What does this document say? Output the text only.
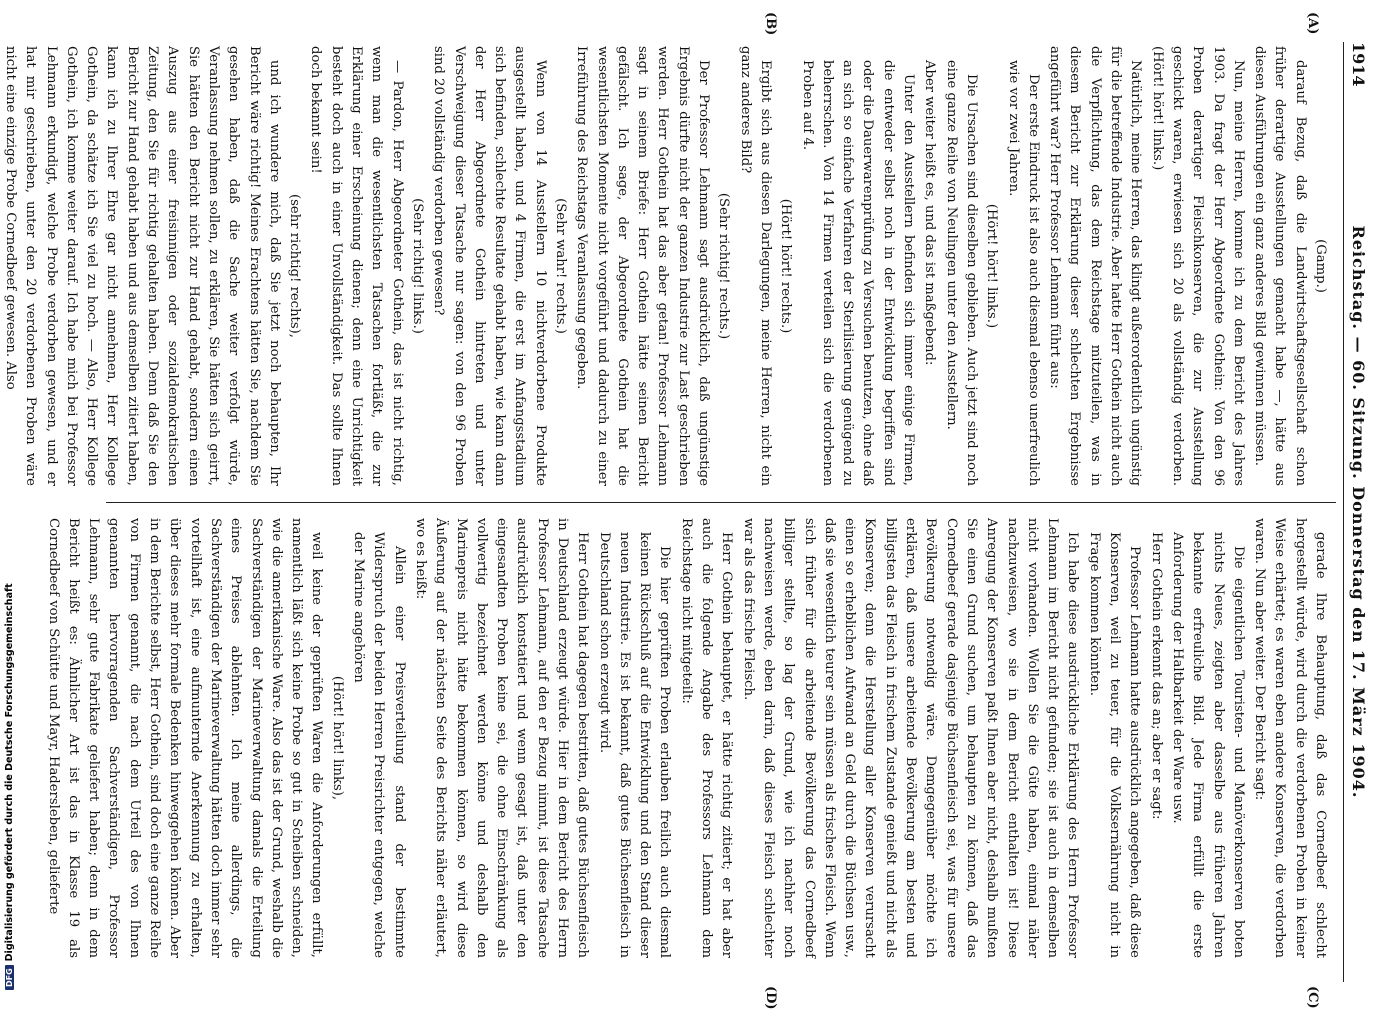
1914
Reichstag. — 60. Sitzung. Donnerstag den 17. März 1904.
(A)
(B)
(C)
(D)

(Gamp.)

darauf Bezug, daß die Landwirtschaftsgesellschaft schon früher derartige Ausstellungen gemacht habe —, hätte aus diesen Ausführungen ein ganz anderes Bild gewinnen müssen.

Nun, meine Herren, komme ich zu dem Bericht des Jahres 1903. Da fragt der Herr Abgeordnete Gothein: Von den 96 Proben derartiger Fleischkonserven, die zur Ausstellung geschickt waren, erwiesen sich 20 als vollständig verdorben. (Hört! hört! links.)

Natürlich, meine Herren, das klingt außerordentlich ungünstig für die betreffende Industrie. Aber hatte Herr Gothein nicht auch die Verpflichtung, das dem Reichstage mitzuteilen, was in diesem Bericht zur Erklärung dieser schlechten Ergebnisse angeführt war? Herr Professor Lehmann führt aus:

Der erste Eindruck ist also auch diesmal ebenso unerfreulich wie vor zwei Jahren.

(Hört! hört! links.)

Die Ursachen sind dieselben geblieben. Auch jetzt sind noch eine ganze Reihe von Neulingen unter den Ausstellern.

Aber weiter heißt es, und das ist maßgebend:

Unter den Ausstellern befinden sich immer einige Firmen, die entweder selbst noch in der Entwicklung begriffen sind oder die Dauerwarenprüfung zu Versuchen benutzen, ohne daß an sich so einfache Verfahren der Sterilisierung genügend zu beherrschen. Von 14 Firmen verteilen sich die verdorbenen Proben auf 4.

(Hört! hört! rechts.)

Ergibt sich aus diesen Darlegungen, meine Herren, nicht ein ganz anderes Bild?

(Sehr richtig! rechts.)

Der Professor Lehmann sagt ausdrücklich, daß ungünstige Ergebnis dürfte nicht der ganzen Industrie zur Last geschrieben werden. Herr Gothein hat das aber getan! Professor Lehmann sagt in seinem Briefe: Herr Gothein hätte seinen Bericht gefälscht. Ich sage, der Abgeordnete Gothein hat die wesentlichsten Momente nicht vorgeführt und dadurch zu einer Irreführung des Reichstags Veranlassung gegeben.

(Sehr wahr! rechts.)

Wenn von 14 Ausstellern 10 nichtverdorbene Produkte ausgestellt haben, und 4 Firmen, die erst im Anfangsstadium sich befinden, schlechte Resultate gehabt haben, wie kann dann der Herr Abgeordnete Gothein hintreten und unter Verschweigung dieser Tatsache nur sagen: von den 96 Proben sind 20 vollständig verdorben gewesen?

(Sehr richtig! links.)

— Pardon, Herr Abgeordneter Gothein, das ist nicht richtig, wenn man die wesentlichsten Tatsachen fortläßt, die zur Erklärung einer Erscheinung dienen; denn eine Unrichtigkeit besteht doch auch in einer Unvollständigkeit. Das sollte Ihnen doch bekannt sein!

(sehr richtig! rechts),

und ich wundere mich, daß Sie jetzt noch behaupten, Ihr Bericht wäre richtig! Meines Erachtens hätten Sie, nachdem Sie gesehen haben, daß die Sache weiter verfolgt würde, Veranlassung nehmen sollen, zu erklären, Sie hätten sich geirrt, Sie hätten den Bericht nicht zur Hand gehabt, sondern einen Auszug aus einer freisinnigen oder sozialdemokratischen Zeitung, den Sie für richtig gehalten haben. Denn daß Sie den Bericht zur Hand gehabt haben und aus demselben zitiert haben, kann ich zu Ihrer Ehre gar nicht annehmen, Herr Kollege Gothein, da schätze ich Sie viel zu hoch. — Also, Herr Kollege Gothein, ich komme weiter darauf. Ich habe mich bei Professor Lehmann erkundigt, welche Probe verdorben gewesen, und er hat mir geschrieben, unter den 20 verdorbenen Proben wäre nicht eine einzige Probe Cornedbeef gewesen. Also

gerade Ihre Behauptung, daß das Cornedbeef schlecht hergestellt würde, wird durch die verdorbenen Proben in keiner Weise erhärtet; es waren eben andere Konserven, die verdorben waren. Nun aber weiter. Der Bericht sagt:

Die eigentlichen Touristen- und Manöverkonserven boten nichts Neues, zeigten aber dasselbe aus früheren Jahren bekannte erfreuliche Bild. Jede Firma erfüllt die erste Anforderung der Haltbarkeit der Ware usw.

Herr Gothein erkennt das an; aber er sagt:

Professor Lehmann hatte ausdrücklich angegeben, daß diese Konserven, weil zu teuer, für die Volksernährung nicht in Frage kommen könnten.

Ich habe diese ausdrückliche Erklärung des Herrn Professor Lehmann im Bericht nicht gefunden; sie ist auch in demselben nicht vorhanden. Wollen Sie die Güte haben, einmal näher nachzuweisen, wo sie in dem Bericht enthalten ist! Diese Anregung der Konserven paßt Ihnen aber nicht, deshalb mußten Sie einen Grund suchen, um behaupten zu können, daß das Cornedbeef gerade dasjenige Büchsenfleisch sei, was für unsere Bevölkerung notwendig wäre. Demgegenüber möchte ich erklären, daß unsere arbeitende Bevölkerung am besten und billigsten das Fleisch in frischem Zustande genießt und nicht als Konserven; denn die Herstellung aller Konserven verursacht einen so erheblichen Aufwand an Geld durch die Büchsen usw., daß sie wesentlich teurer sein müssen als frisches Fleisch. Wenn sich früher für die arbeitende Bevölkerung das Cornedbeef billiger stellte, so lag der Grund, wie ich nachher noch nachweisen werde, eben darin, daß dieses Fleisch schlechter war als das frische Fleisch.

Herr Gothein behauptet, er hätte richtig zitiert; er hat aber auch die folgende Angabe des Professors Lehmann dem Reichstage nicht mitgeteilt:

Die hier geprüften Proben erlauben freilich auch diesmal keinen Rückschluß auf die Entwicklung und den Stand dieser neuen Industrie. Es ist bekannt, daß gutes Büchsenfleisch in Deutschland schon erzeugt wird.

Herr Gothein hat dagegen bestritten, daß gutes Büchsenfleisch in Deutschland erzeugt würde. Hier in dem Bericht des Herrn Professor Lehmann, auf den er Bezug nimmt, ist diese Tatsache ausdrücklich konstatiert und wenn gesagt ist, daß unter den eingesandten Proben keine sei, die ohne Einschränkung als vollwertig bezeichnet werden könne und deshalb den Marinepreis nicht hätte bekommen können, so wird diese Äußerung auf der nächsten Seite des Berichts näher erläutert, wo es heißt:

Allein einer Preisverteilung stand der bestimmte Widerspruch der beiden Herren Preisrichter entgegen, welche der Marine angehören

(Hört! hört! links),

weil keine der geprüften Waren die Anforderungen erfüllt, namentlich läßt sich keine Probe so gut in Scheiben schneiden, wie die amerikanische Ware. Also das ist der Grund, weshalb die Sachverständigen der Marineverwaltung damals die Erteilung eines Preises ablehnten. Ich meine allerdings, die Sachverständigen der Marineverwaltung hätten doch immer sehr vorteilhaft ist, eine aufmunternde Anerkennung zu erhalten, über dieses mehr formale Bedenken hinweggehen können. Aber in dem Berichte selbst, Herr Gothein, sind doch eine ganze Reihe von Firmen genannt, die nach dem Urteil des von Ihnen genannten hervorragenden Sachverständigen, Professor Lehmann, sehr gute Fabrikate geliefert haben; denn in dem Bericht heißt es: Ähnlicher Art ist das in Klasse 19 als Cornedbeef von Schütte und Mayr, Hadersleben, gelieferte

DFGDigitalisierung gefördert durch die Deutsche Forschungsgemeinschaft
